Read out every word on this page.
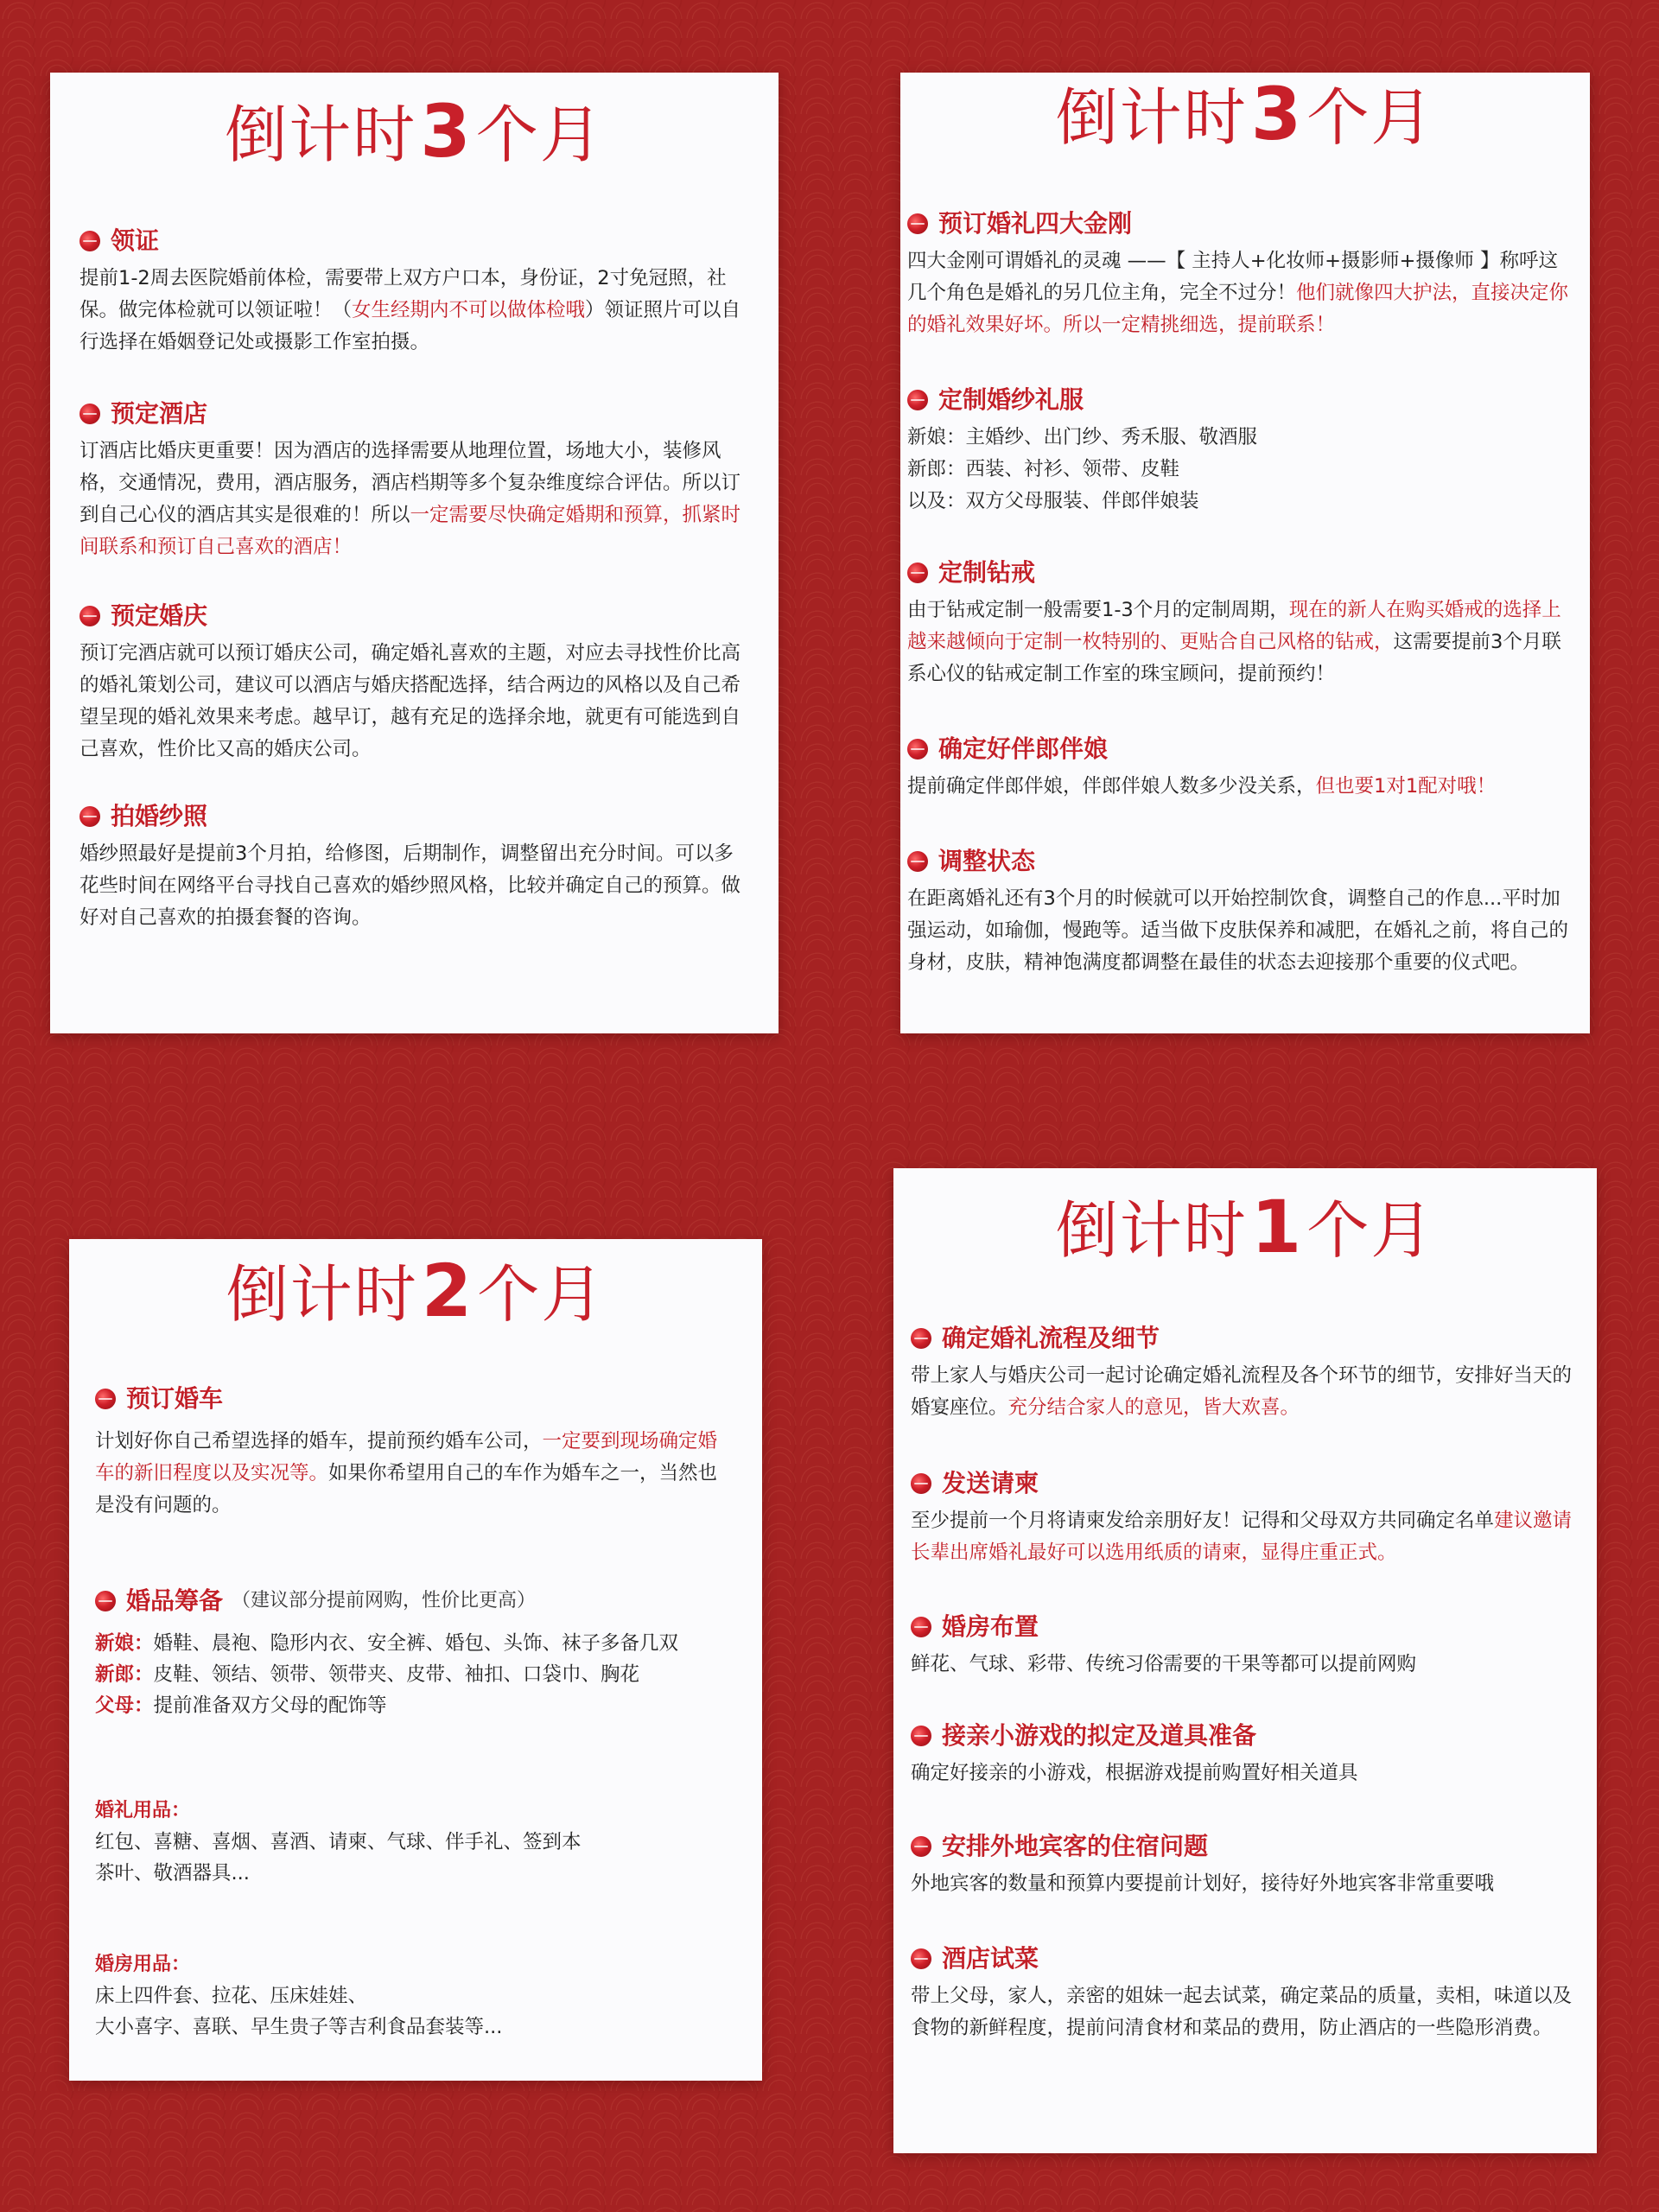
倒计时3个月
领证

提前1-2周去医院婚前体检，需要带上双方户口本，身份证，2寸免冠照，社保。做完体检就可以领证啦！（女生经期内不可以做体检哦）领证照片可以自行选择在婚姻登记处或摄影工作室拍摄。

预定酒店

订酒店比婚庆更重要！因为酒店的选择需要从地理位置，场地大小，装修风格，交通情况，费用，酒店服务，酒店档期等多个复杂维度综合评估。所以订到自己心仪的酒店其实是很难的！所以一定需要尽快确定婚期和预算，抓紧时间联系和预订自己喜欢的酒店！

预定婚庆

预订完酒店就可以预订婚庆公司，确定婚礼喜欢的主题，对应去寻找性价比高的婚礼策划公司，建议可以酒店与婚庆搭配选择，结合两边的风格以及自己希望呈现的婚礼效果来考虑。越早订，越有充足的选择余地，就更有可能选到自己喜欢，性价比又高的婚庆公司。

拍婚纱照

婚纱照最好是提前3个月拍，给修图，后期制作，调整留出充分时间。可以多花些时间在网络平台寻找自己喜欢的婚纱照风格，比较并确定自己的预算。做好对自己喜欢的拍摄套餐的咨询。

倒计时3个月
预订婚礼四大金刚

四大金刚可谓婚礼的灵魂 ——【 主持人+化妆师+摄影师+摄像师 】称呼这几个角色是婚礼的另几位主角，完全不过分！他们就像四大护法，直接决定你的婚礼效果好坏。所以一定精挑细选，提前联系！

定制婚纱礼服

新娘：主婚纱、出门纱、秀禾服、敬酒服
新郎：西装、衬衫、领带、皮鞋
以及：双方父母服装、伴郎伴娘装

定制钻戒

由于钻戒定制一般需要1-3个月的定制周期，现在的新人在购买婚戒的选择上越来越倾向于定制一枚特别的、更贴合自己风格的钻戒，这需要提前3个月联系心仪的钻戒定制工作室的珠宝顾问，提前预约！

确定好伴郎伴娘

提前确定伴郎伴娘，伴郎伴娘人数多少没关系，但也要1对1配对哦！

调整状态

在距离婚礼还有3个月的时候就可以开始控制饮食，调整自己的作息...平时加强运动，如瑜伽，慢跑等。适当做下皮肤保养和减肥，在婚礼之前，将自己的身材，皮肤，精神饱满度都调整在最佳的状态去迎接那个重要的仪式吧。

倒计时2个月
预订婚车

计划好你自己希望选择的婚车，提前预约婚车公司，一定要到现场确定婚车的新旧程度以及实况等。如果你希望用自己的车作为婚车之一，当然也是没有问题的。

婚品筹备 （建议部分提前网购，性价比更高）

新娘：婚鞋、晨袍、隐形内衣、安全裤、婚包、头饰、袜子多备几双

新郎：皮鞋、领结、领带、领带夹、皮带、袖扣、口袋巾、胸花

父母：提前准备双方父母的配饰等

婚礼用品：

红包、喜糖、喜烟、喜酒、请柬、气球、伴手礼、签到本

茶叶、敬酒器具...

婚房用品：

床上四件套、拉花、压床娃娃、

大小喜字、喜联、早生贵子等吉利食品套装等...

倒计时1个月
确定婚礼流程及细节

带上家人与婚庆公司一起讨论确定婚礼流程及各个环节的细节，安排好当天的婚宴座位。充分结合家人的意见，皆大欢喜。

发送请柬

至少提前一个月将请柬发给亲朋好友！记得和父母双方共同确定名单建议邀请长辈出席婚礼最好可以选用纸质的请柬，显得庄重正式。

婚房布置

鲜花、气球、彩带、传统习俗需要的干果等都可以提前网购

接亲小游戏的拟定及道具准备

确定好接亲的小游戏，根据游戏提前购置好相关道具

安排外地宾客的住宿问题

外地宾客的数量和预算内要提前计划好，接待好外地宾客非常重要哦

酒店试菜

带上父母，家人，亲密的姐妹一起去试菜，确定菜品的质量，卖相，味道以及食物的新鲜程度，提前问清食材和菜品的费用，防止酒店的一些隐形消费。
